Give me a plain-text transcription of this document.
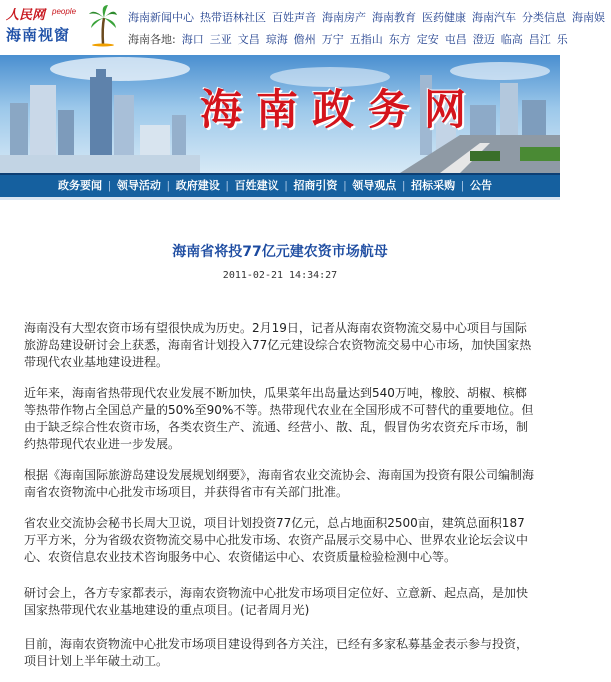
人民网 people
海南视窗
海南新闻中心 热带语林社区 百姓声音 海南房产 海南教育 医药健康 海南汽车 分类信息 海南娱
海南各地: 海口 三亚 文昌 琼海 儋州 万宁 五指山 东方 定安 屯昌 澄迈 临高 昌江 乐
海南政务网
政务要闻 | 领导活动 | 政府建设 | 百姓建议 | 招商引资 | 领导观点 | 招标采购 | 公告
海南省将投77亿元建农资市场航母
2011-02-21 14:34:27
海南没有大型农资市场有望很快成为历史。2月19日，记者从海南农资物流交易中心项目与国际旅游岛建设研讨会上获悉，海南省计划投入77亿元建设综合农资物流交易中心市场，加快国家热带现代农业基地建设进程。
近年来，海南省热带现代农业发展不断加快，瓜果菜年出岛量达到540万吨，橡胶、胡椒、槟榔等热带作物占全国总产量的50%至90%不等。热带现代农业在全国形成不可替代的重要地位。但由于缺乏综合性农资市场，各类农资生产、流通、经营小、散、乱，假冒伪劣农资充斥市场，制约热带现代农业进一步发展。
根据《海南国际旅游岛建设发展规划纲要》，海南省农业交流协会、海南国为投资有限公司编制海南省农资物流中心批发市场项目，并获得省市有关部门批准。
省农业交流协会秘书长周大卫说，项目计划投资77亿元，总占地面积2500亩，建筑总面积187万平方米，分为省级农资物流交易中心批发市场、农资产品展示交易中心、世界农业论坛会议中心、农资信息农业技术咨询服务中心、农资储运中心、农资质量检验检测中心等。
研讨会上，各方专家都表示，海南农资物流中心批发市场项目定位好、立意新、起点高，是加快国家热带现代农业基地建设的重点项目。(记者周月光)
目前，海南农资物流中心批发市场项目建设得到各方关注，已经有多家私募基金表示参与投资，项目计划上半年破土动工。
